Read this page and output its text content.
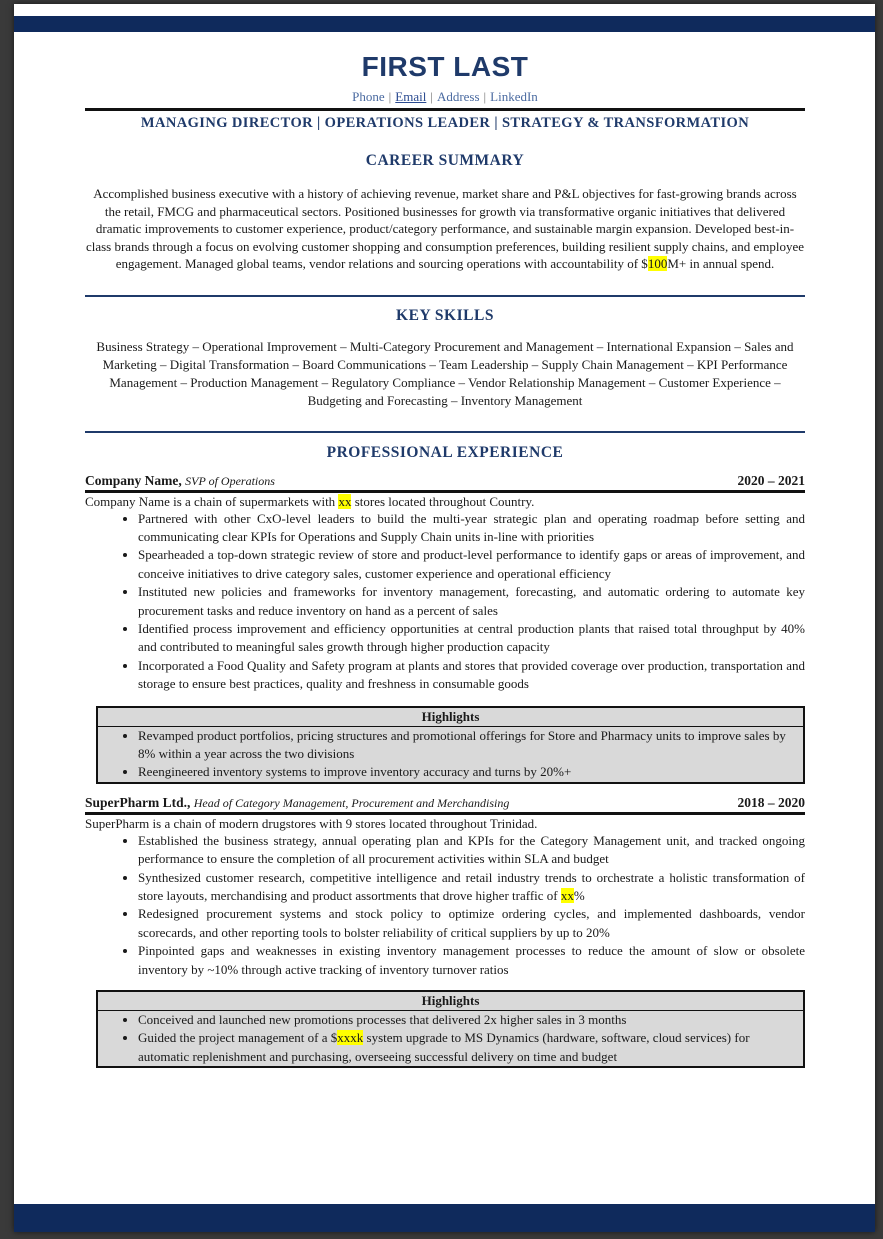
FIRST LAST
Phone | Email | Address | LinkedIn
MANAGING DIRECTOR | OPERATIONS LEADER | STRATEGY & TRANSFORMATION
CAREER SUMMARY
Accomplished business executive with a history of achieving revenue, market share and P&L objectives for fast-growing brands across the retail, FMCG and pharmaceutical sectors. Positioned businesses for growth via transformative organic initiatives that delivered dramatic improvements to customer experience, product/category performance, and sustainable margin expansion. Developed best-in-class brands through a focus on evolving customer shopping and consumption preferences, building resilient supply chains, and employee engagement. Managed global teams, vendor relations and sourcing operations with accountability of $100M+ in annual spend.
KEY SKILLS
Business Strategy – Operational Improvement – Multi-Category Procurement and Management – International Expansion – Sales and Marketing – Digital Transformation – Board Communications – Team Leadership – Supply Chain Management – KPI Performance Management – Production Management – Regulatory Compliance – Vendor Relationship Management – Customer Experience – Budgeting and Forecasting – Inventory Management
PROFESSIONAL EXPERIENCE
Company Name, SVP of Operations	2020 – 2021
Company Name is a chain of supermarkets with xx stores located throughout Country.
• Partnered with other CxO-level leaders to build the multi-year strategic plan and operating roadmap before setting and communicating clear KPIs for Operations and Supply Chain units in-line with priorities
• Spearheaded a top-down strategic review of store and product-level performance to identify gaps or areas of improvement, and conceive initiatives to drive category sales, customer experience and operational efficiency
• Instituted new policies and frameworks for inventory management, forecasting, and automatic ordering to automate key procurement tasks and reduce inventory on hand as a percent of sales
• Identified process improvement and efficiency opportunities at central production plants that raised total throughput by 40% and contributed to meaningful sales growth through higher production capacity
• Incorporated a Food Quality and Safety program at plants and stores that provided coverage over production, transportation and storage to ensure best practices, quality and freshness in consumable goods
Highlights
• Revamped product portfolios, pricing structures and promotional offerings for Store and Pharmacy units to improve sales by 8% within a year across the two divisions
• Reengineered inventory systems to improve inventory accuracy and turns by 20%+
SuperPharm Ltd., Head of Category Management, Procurement and Merchandising	2018 – 2020
SuperPharm is a chain of modern drugstores with 9 stores located throughout Trinidad.
• Established the business strategy, annual operating plan and KPIs for the Category Management unit, and tracked ongoing performance to ensure the completion of all procurement activities within SLA and budget
• Synthesized customer research, competitive intelligence and retail industry trends to orchestrate a holistic transformation of store layouts, merchandising and product assortments that drove higher traffic of xx%
• Redesigned procurement systems and stock policy to optimize ordering cycles, and implemented dashboards, vendor scorecards, and other reporting tools to bolster reliability of critical suppliers by up to 20%
• Pinpointed gaps and weaknesses in existing inventory management processes to reduce the amount of slow or obsolete inventory by ~10% through active tracking of inventory turnover ratios
Highlights
• Conceived and launched new promotions processes that delivered 2x higher sales in 3 months
• Guided the project management of a $xxxk system upgrade to MS Dynamics (hardware, software, cloud services) for automatic replenishment and purchasing, overseeing successful delivery on time and budget
